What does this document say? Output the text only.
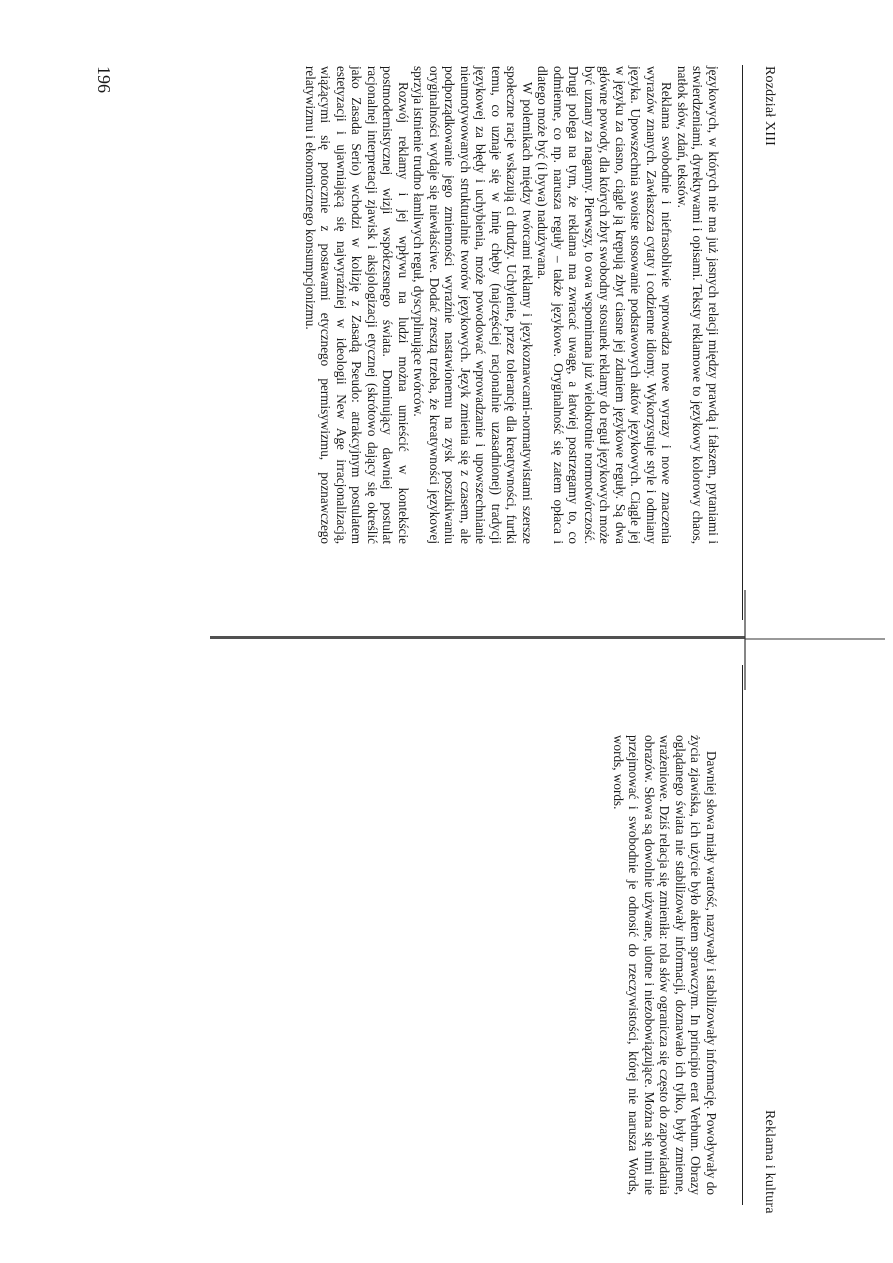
Reklama i kultura

Dawniej słowa miały wartość, nazywały i stabilizowały informację. Powoływały do życia zjawiska, ich użycie było aktem sprawczym. In principio erat Verbum. Obrazy oglądanego świata nie stabilizowały informacji, doznawało ich tylko, były zmienne, wrażeniowe. Dziś relacja się zmieniła: rola słów ogranicza się często do zapowiadania obrazów. Słowa są dowolnie używane, ulotne i niezobowiązujące. Można się nimi nie przejmować i swobodnie je odnosić do rzeczywistości, której nie narusza Words, words, words.

Rozdział XIII
196	językowych, w których nie ma już jasnych relacji między prawdą i fałszem, pytaniami i stwierdzeniami, dyrektywami i opisami. Teksty reklamowe to językowy kolorowy chaos, natłok słów, zdań, tekstów.

Reklama swobodnie i niefrasobliwie wprowadza nowe wyrazy i nowe znaczenia wyrazów znanych. Zawłaszcza cytaty i codzienne idiomy. Wykorzystuje style i odmiany języka. Upowszechnia swoiste stosowanie podstawowych aktów językowych. Ciągle jej w języku za ciasno, ciągle ją krępują zbyt ciasne jej zdaniem językowe reguły. Są dwa główne powody, dla których zbyt swobodny stosunek reklamy do reguł językowych może być uznany za naganny. Pierwszy, to owa wspominana już wielokrotnie normotwórczość. Drugi polega na tym, że reklama ma zwracać uwagę, a łatwiej postrzegamy to, co odmienne, co np. narusza reguły – także językowe. Oryginalność się zatem opłaca i dlatego może być (i bywa) nadużywana.

W polemikach między twórcami reklamy i językoznawcami-normatywistami szersze społeczne racje wskazują ci drudzy. Uchylenie, przez tolerancję dla kreatywności, furtki temu, co uznaje się w imię chęby (najczęściej racjonalnie uzasadnionej) tradycji językowej za błędy i uchybienia, może powodować wprowadzanie i upowszechnianie nieumotywowanych strukturalnie tworów językowych. Język zmienia się z czasem, ale podporządkowanie jego zmienności wyraźnie nastawionemu na zysk poszukiwaniu oryginalności wydaje się niewłaściwe. Dodać zresztą trzeba, że kreatywności językowej sprzyja istnienie trudno łamliwych reguł, dyscyplinujące twórców.

Rozwój reklamy i jej wpływu na ludzi można umieścić w kontekście postmodernistycznej wizji współczesnego świata. Dominujący dawniej postulat racjonalnej interpretacji zjawisk i aksjologizacji etycznej (skrótowo dający się określić jako Zasada Serio) wchodzi w kolizję z Zasadą Pseudo: atrakcyjnym postulatem estetyzacji i ujawniającą się najwyraźniej w ideologii New Age irracjonalizacją, wiążącymi się potocznie z postawami etycznego permisywizmu, poznawczego relatywizmu i ekonomicznego konsumpcjonizmu.
